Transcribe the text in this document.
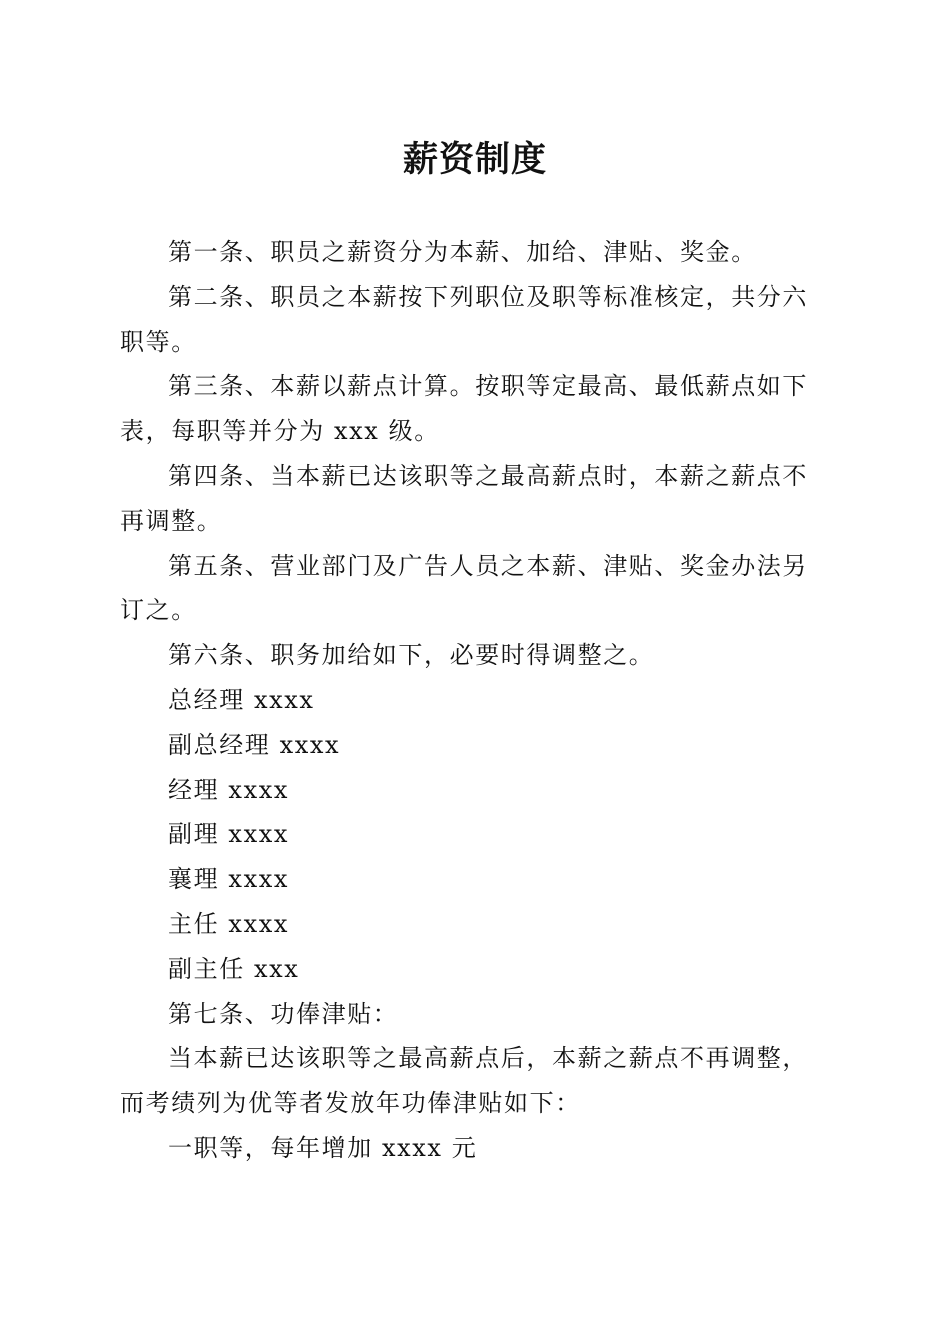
薪资制度

第一条、职员之薪资分为本薪、加给、津贴、奖金。

第二条、职员之本薪按下列职位及职等标准核定，共分六职等。

第三条、本薪以薪点计算。按职等定最高、最低薪点如下表，每职等并分为 xxx 级。

第四条、当本薪已达该职等之最高薪点时，本薪之薪点不再调整。

第五条、营业部门及广告人员之本薪、津贴、奖金办法另订之。

第六条、职务加给如下，必要时得调整之。

总经理 xxxx

副总经理 xxxx

经理 xxxx

副理 xxxx

襄理 xxxx

主任 xxxx

副主任 xxx

第七条、功俸津贴：

当本薪已达该职等之最高薪点后，本薪之薪点不再调整，而考绩列为优等者发放年功俸津贴如下：

一职等，每年增加 xxxx 元
